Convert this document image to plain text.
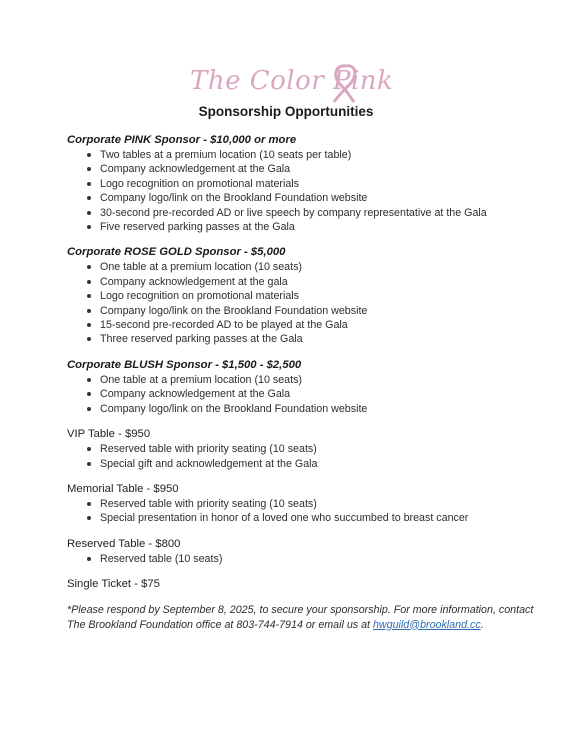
The Color Pink
Sponsorship Opportunities
Corporate PINK Sponsor - $10,000 or more
Two tables at a premium location (10 seats per table)
Company acknowledgement at the Gala
Logo recognition on promotional materials
Company logo/link on the Brookland Foundation website
30-second pre-recorded AD or live speech by company representative at the Gala
Five reserved parking passes at the Gala
Corporate ROSE GOLD Sponsor - $5,000
One table at a premium location (10 seats)
Company acknowledgement at the gala
Logo recognition on promotional materials
Company logo/link on the Brookland Foundation website
15-second pre-recorded AD to be played at the Gala
Three reserved parking passes at the Gala
Corporate BLUSH Sponsor - $1,500 - $2,500
One table at a premium location (10 seats)
Company acknowledgement at the Gala
Company logo/link on the Brookland Foundation website
VIP Table - $950
Reserved table with priority seating (10 seats)
Special gift and acknowledgement at the Gala
Memorial Table - $950
Reserved table with priority seating (10 seats)
Special presentation in honor of a loved one who succumbed to breast cancer
Reserved Table - $800
Reserved table (10 seats)
Single Ticket - $75
*Please respond by September 8, 2025, to secure your sponsorship. For more information, contact The Brookland Foundation office at 803-744-7914 or email us at hwguild@brookland.cc.
